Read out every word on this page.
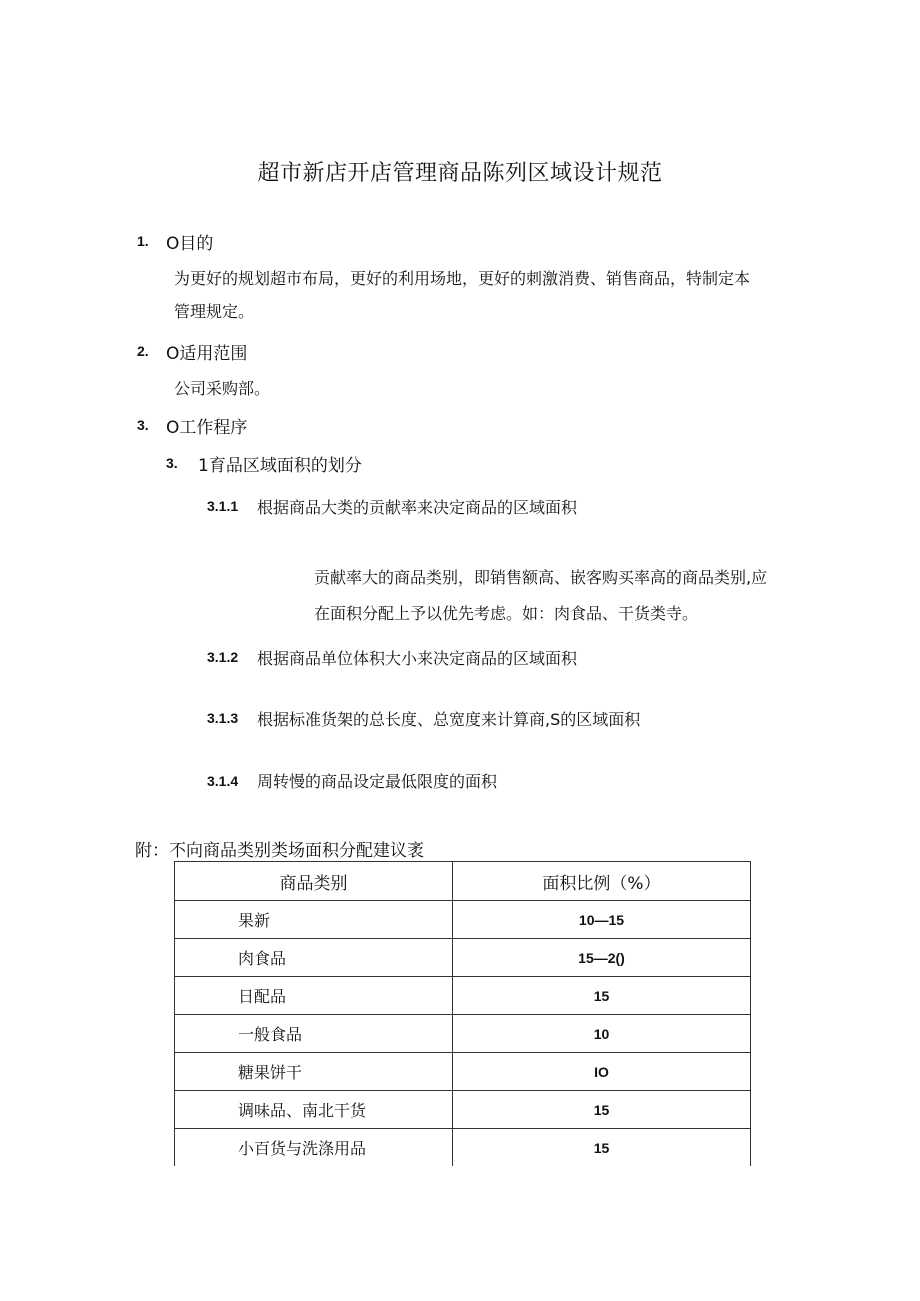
超市新店开店管理商品陈列区域设计规范
1. O目的
为更好的规划超市布局，更好的利用场地，更好的刺激消费、销售商品，特制定本
管理规定。
2. O适用范围
公司采购部。
3. O工作程序
3. 1育品区域面积的划分
3.1.1 根据商品大类的贡献率来决定商品的区域面积
贡献率大的商品类别，即销售额高、嵌客购买率高的商品类别,应
在面积分配上予以优先考虑。如：肉食品、干货类寺。
3.1.2 根据商品单位体积大小来决定商品的区域面积
3.1.3 根据标准货架的总长度、总宽度来计算商,S的区域面积
3.1.4 周转慢的商品设定最低限度的面积
附：不向商品类别类场面积分配建议袤
商品类别	面积比例（%）
果新	10—15
肉食品	15—2()
日配品	15
一般食品	10
糖果饼干	IO
调味品、南北干货	15
小百货与洗涤用品	15
